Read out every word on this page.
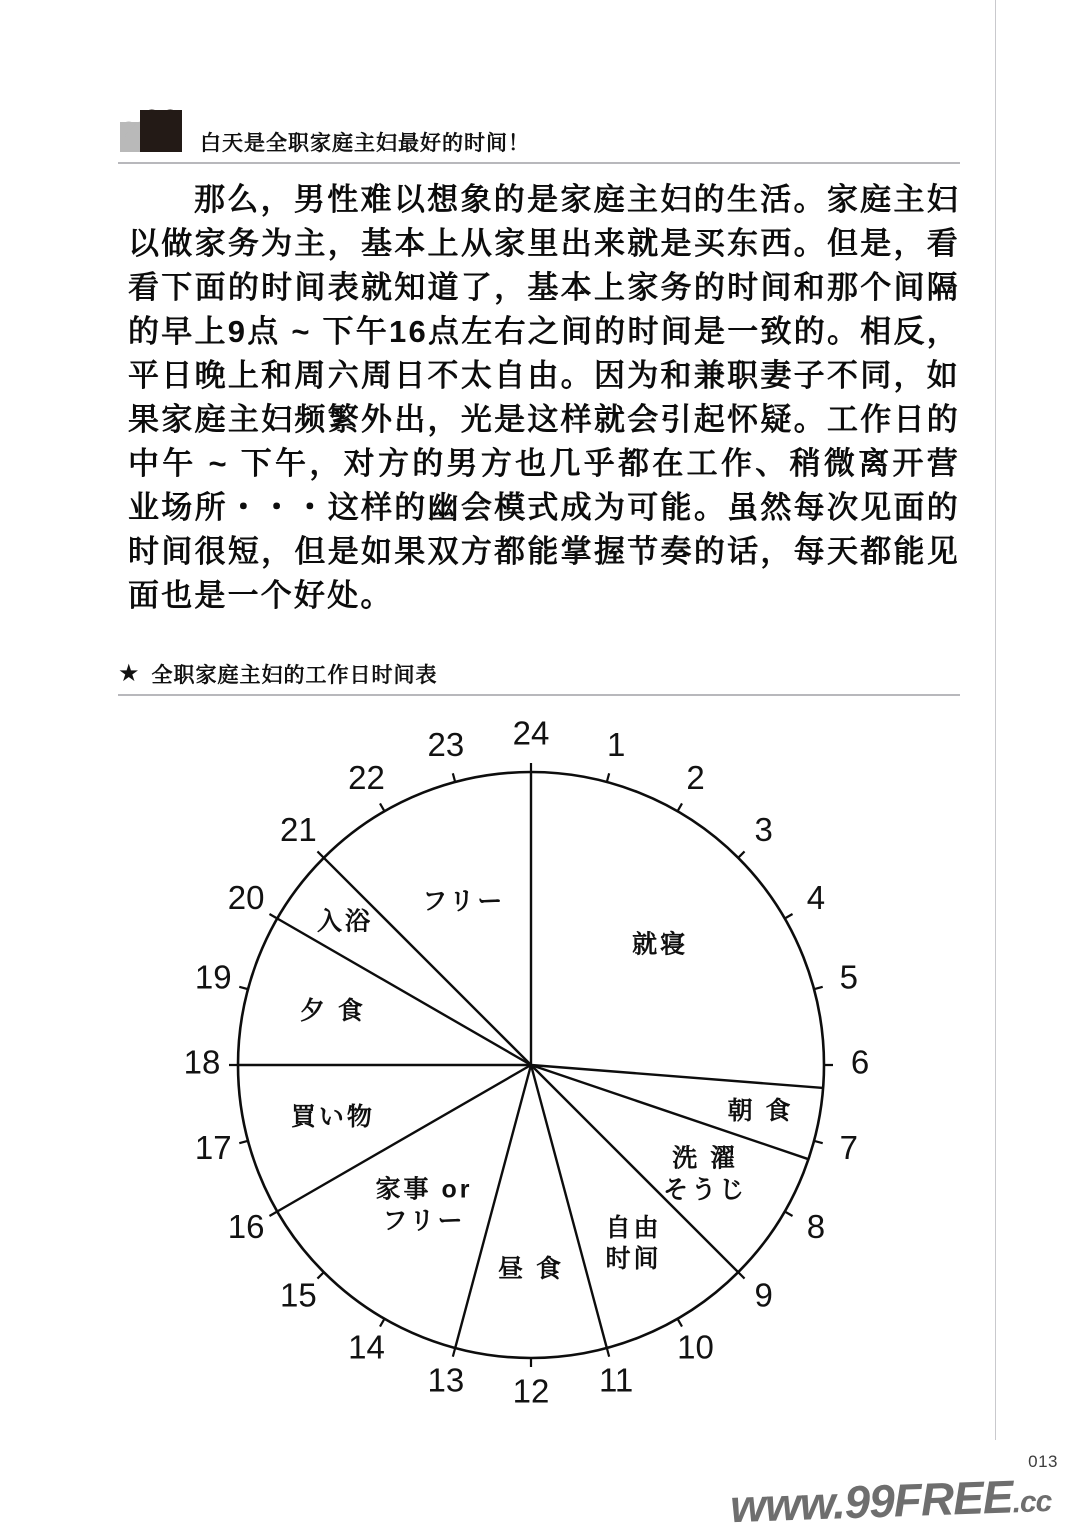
白天是全职家庭主妇最好的时间！
那么，男性难以想象的是家庭主妇的生活。家庭主妇以做家务为主，基本上从家里出来就是买东西。但是，看看下面的时间表就知道了，基本上家务的时间和那个间隔的早上9点 ~ 下午16点左右之间的时间是一致的。相反，平日晚上和周六周日不太自由。因为和兼职妻子不同，如果家庭主妇频繁外出，光是这样就会引起怀疑。工作日的中午 ~ 下午，对方的男方也几乎都在工作、稍微离开营业场所・・・这样的幽会模式成为可能。虽然每次见面的时间很短，但是如果双方都能掌握节奏的话，每天都能见面也是一个好处。
★ 全职家庭主妇的工作日时间表
1
2
3
4
5
6
7
8
9
10
11
12
13
14
15
16
17
18
19
20
21
22
23 24
就寝
朝 食
洗 濯そうじ
自由时间
昼 食
家事 or フリー
買い物
夕 食
入浴
フリー
013
www.99FREE.cc
